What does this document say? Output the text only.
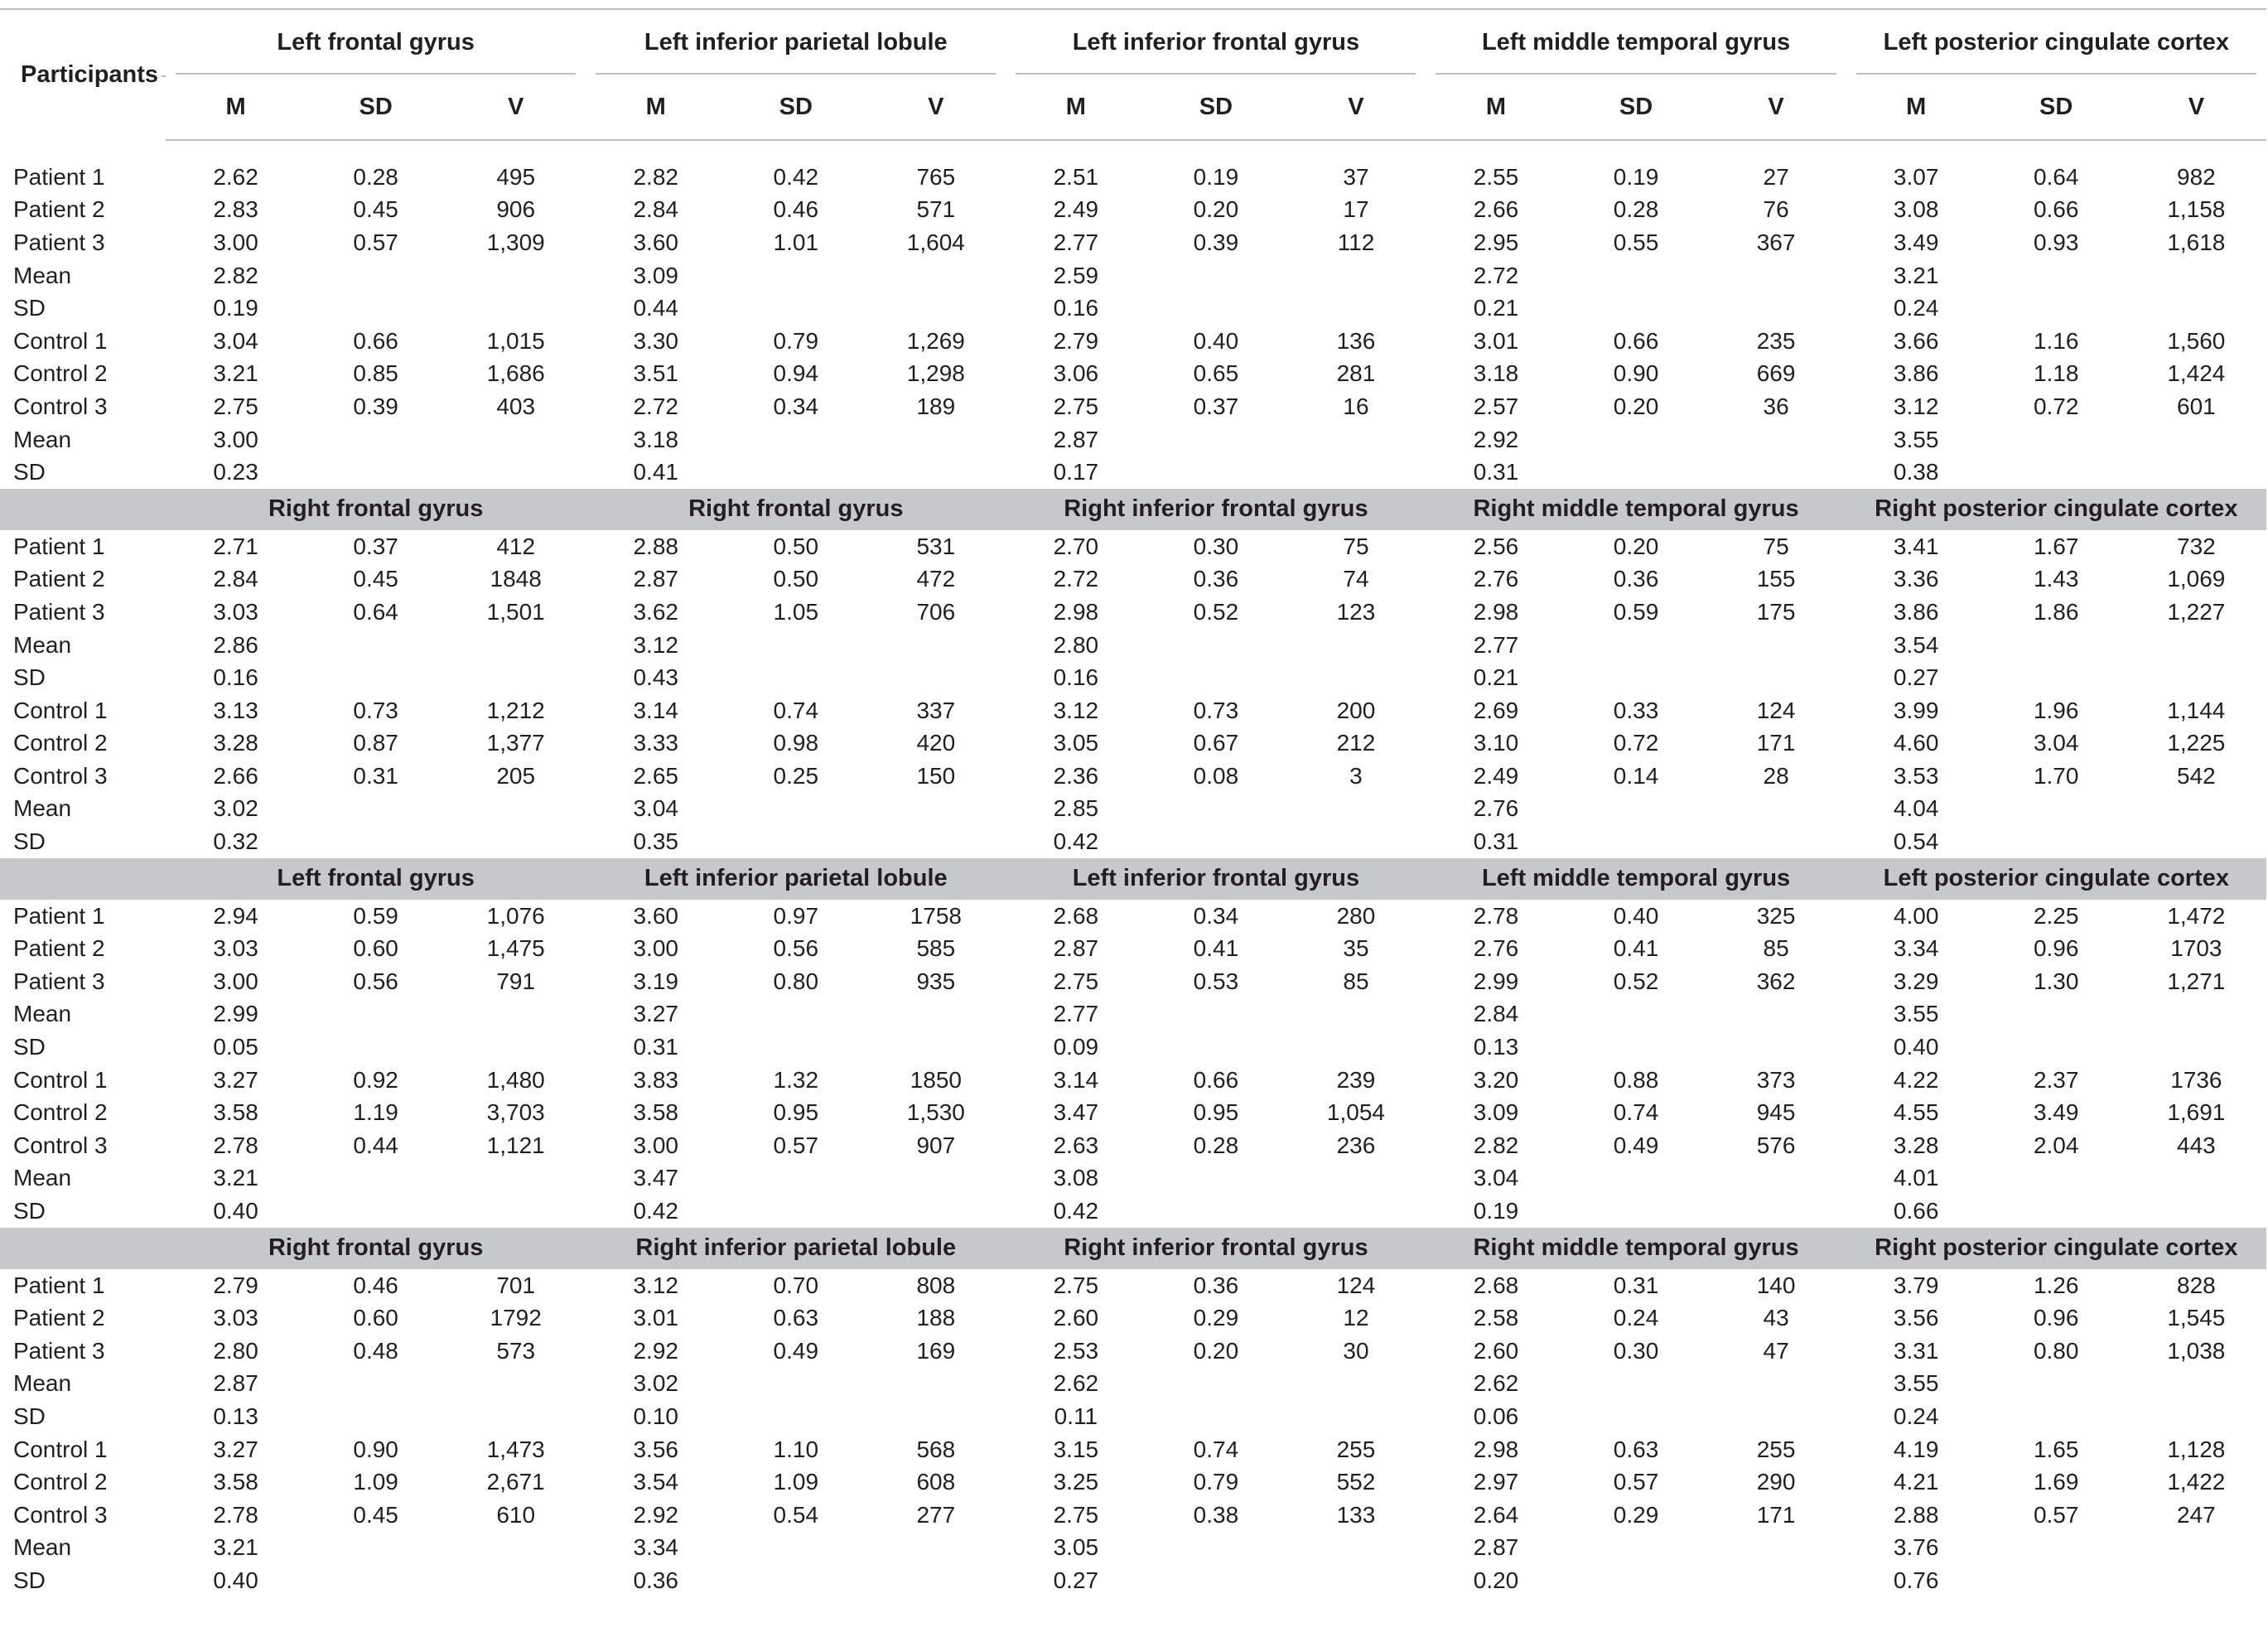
Participants	Left frontal gyrus			Left inferior parietal lobule			Left inferior frontal gyrus			Left middle temporal gyrus			Left posterior cingulate cortex		
	M	SD	V	M	SD	V	M	SD	V	M	SD	V	M	SD	V

Patient 1	2.62	0.28	495	2.82	0.42	765	2.51	0.19	37	2.55	0.19	27	3.07	0.64	982
Patient 2	2.83	0.45	906	2.84	0.46	571	2.49	0.20	17	2.66	0.28	76	3.08	0.66	1,158
Patient 3	3.00	0.57	1,309	3.60	1.01	1,604	2.77	0.39	112	2.95	0.55	367	3.49	0.93	1,618
Mean	2.82			3.09			2.59			2.72			3.21		
SD	0.19			0.44			0.16			0.21			0.24		
Control 1	3.04	0.66	1,015	3.30	0.79	1,269	2.79	0.40	136	3.01	0.66	235	3.66	1.16	1,560
Control 2	3.21	0.85	1,686	3.51	0.94	1,298	3.06	0.65	281	3.18	0.90	669	3.86	1.18	1,424
Control 3	2.75	0.39	403	2.72	0.34	189	2.75	0.37	16	2.57	0.20	36	3.12	0.72	601
Mean	3.00			3.18			2.87			2.92			3.55		
SD	0.23			0.41			0.17			0.31			0.38		
	Right frontal gyrus			Right frontal gyrus			Right inferior frontal gyrus			Right middle temporal gyrus			Right posterior cingulate cortex		
Patient 1	2.71	0.37	412	2.88	0.50	531	2.70	0.30	75	2.56	0.20	75	3.41	1.67	732
Patient 2	2.84	0.45	1848	2.87	0.50	472	2.72	0.36	74	2.76	0.36	155	3.36	1.43	1,069
Patient 3	3.03	0.64	1,501	3.62	1.05	706	2.98	0.52	123	2.98	0.59	175	3.86	1.86	1,227
Mean	2.86			3.12			2.80			2.77			3.54		
SD	0.16			0.43			0.16			0.21			0.27		
Control 1	3.13	0.73	1,212	3.14	0.74	337	3.12	0.73	200	2.69	0.33	124	3.99	1.96	1,144
Control 2	3.28	0.87	1,377	3.33	0.98	420	3.05	0.67	212	3.10	0.72	171	4.60	3.04	1,225
Control 3	2.66	0.31	205	2.65	0.25	150	2.36	0.08	3	2.49	0.14	28	3.53	1.70	542
Mean	3.02			3.04			2.85			2.76			4.04		
SD	0.32			0.35			0.42			0.31			0.54		
	Left frontal gyrus			Left inferior parietal lobule			Left inferior frontal gyrus			Left middle temporal gyrus			Left posterior cingulate cortex		
Patient 1	2.94	0.59	1,076	3.60	0.97	1758	2.68	0.34	280	2.78	0.40	325	4.00	2.25	1,472
Patient 2	3.03	0.60	1,475	3.00	0.56	585	2.87	0.41	35	2.76	0.41	85	3.34	0.96	1703
Patient 3	3.00	0.56	791	3.19	0.80	935	2.75	0.53	85	2.99	0.52	362	3.29	1.30	1,271
Mean	2.99			3.27			2.77			2.84			3.55		
SD	0.05			0.31			0.09			0.13			0.40		
Control 1	3.27	0.92	1,480	3.83	1.32	1850	3.14	0.66	239	3.20	0.88	373	4.22	2.37	1736
Control 2	3.58	1.19	3,703	3.58	0.95	1,530	3.47	0.95	1,054	3.09	0.74	945	4.55	3.49	1,691
Control 3	2.78	0.44	1,121	3.00	0.57	907	2.63	0.28	236	2.82	0.49	576	3.28	2.04	443
Mean	3.21			3.47			3.08			3.04			4.01		
SD	0.40			0.42			0.42			0.19			0.66		
	Right frontal gyrus			Right inferior parietal lobule			Right inferior frontal gyrus			Right middle temporal gyrus			Right posterior cingulate cortex		
Patient 1	2.79	0.46	701	3.12	0.70	808	2.75	0.36	124	2.68	0.31	140	3.79	1.26	828
Patient 2	3.03	0.60	1792	3.01	0.63	188	2.60	0.29	12	2.58	0.24	43	3.56	0.96	1,545
Patient 3	2.80	0.48	573	2.92	0.49	169	2.53	0.20	30	2.60	0.30	47	3.31	0.80	1,038
Mean	2.87			3.02			2.62			2.62			3.55		
SD	0.13			0.10			0.11			0.06			0.24		
Control 1	3.27	0.90	1,473	3.56	1.10	568	3.15	0.74	255	2.98	0.63	255	4.19	1.65	1,128
Control 2	3.58	1.09	2,671	3.54	1.09	608	3.25	0.79	552	2.97	0.57	290	4.21	1.69	1,422
Control 3	2.78	0.45	610	2.92	0.54	277	2.75	0.38	133	2.64	0.29	171	2.88	0.57	247
Mean	3.21			3.34			3.05			2.87			3.76		
SD	0.40			0.36			0.27			0.20			0.76		
